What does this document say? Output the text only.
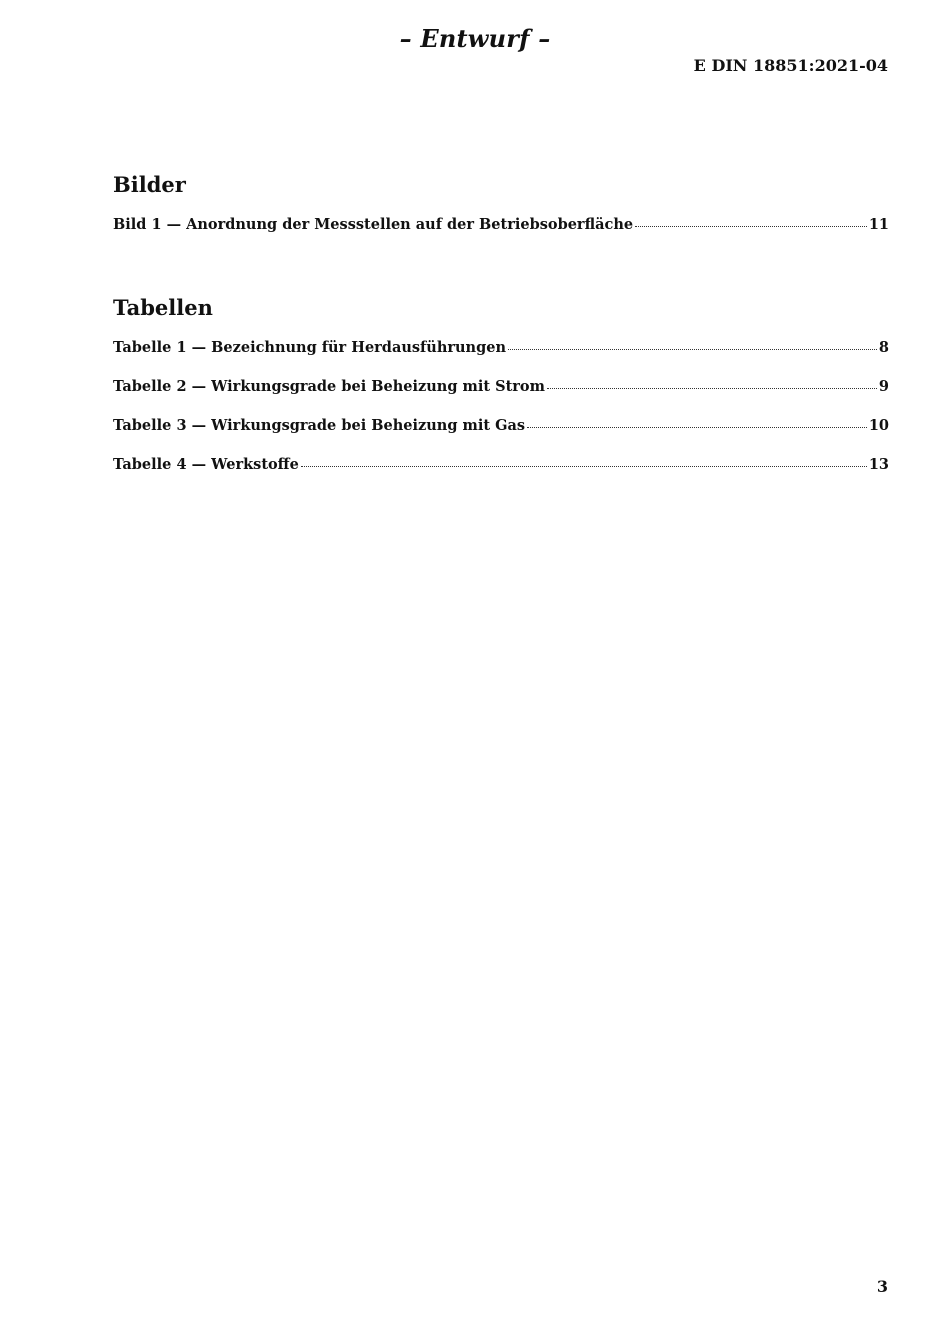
– Entwurf –
E DIN 18851:2021-04
Bilder
Bild 1 — Anordnung der Messstellen auf der Betriebsoberfläche	11
Tabellen
Tabelle 1 — Bezeichnung für Herdausführungen	8
Tabelle 2 — Wirkungsgrade bei Beheizung mit Strom	9
Tabelle 3 — Wirkungsgrade bei Beheizung mit Gas	10
Tabelle 4 — Werkstoffe	13
3
